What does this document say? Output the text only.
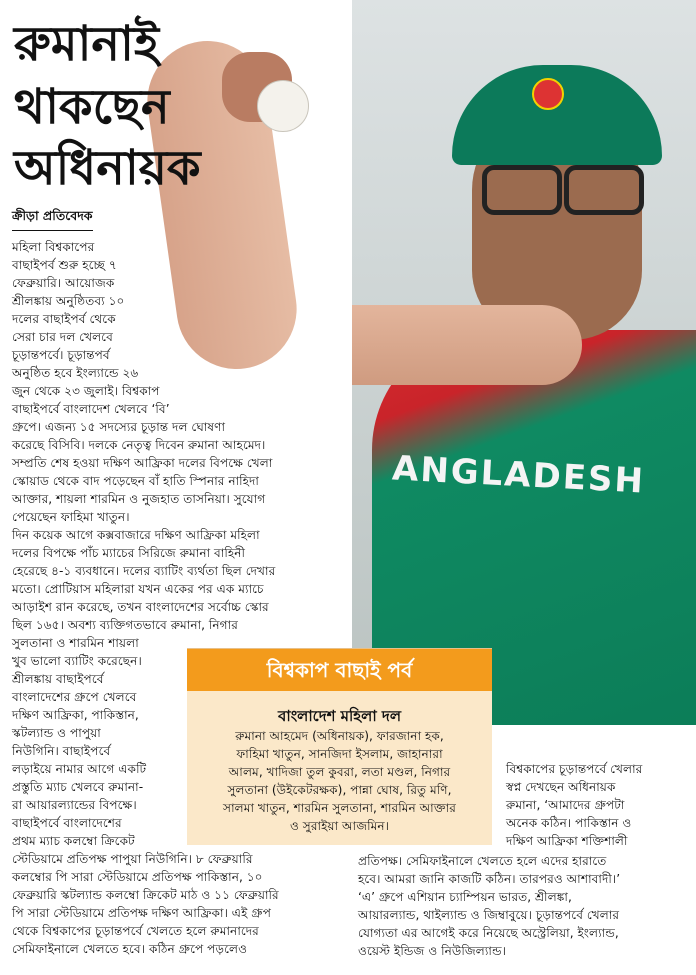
ANGLADESH
রুমানাই
থাকছেন
অধিনায়ক
ক্রীড়া প্রতিবেদক
মহিলা বিশ্বকাপের
বাছাইপর্ব শুরু হচ্ছে ৭
ফেব্রুয়ারি। আয়োজক
শ্রীলঙ্কায় অনুষ্ঠিতব্য ১০
দলের বাছাইপর্ব থেকে
সেরা চার দল খেলবে
চূড়ান্তপর্বে। চূড়ান্তপর্ব
অনুষ্ঠিত হবে ইংল্যান্ডে ২৬
জুন থেকে ২৩ জুলাই। বিশ্বকাপ
বাছাইপর্বে বাংলাদেশ খেলবে ‘বি’
গ্রুপে। এজন্য ১৫ সদস্যের চূড়ান্ত দল ঘোষণা
করেছে বিসিবি। দলকে নেতৃত্ব দিবেন রুমানা আহমেদ।
সম্প্রতি শেষ হওয়া দক্ষিণ আফ্রিকা দলের বিপক্ষে খেলা
স্কোয়াড থেকে বাদ পড়েছেন বাঁ হাতি স্পিনার নাহিদা
আক্তার, শায়লা শারমিন ও নুজহাত তাসনিয়া। সুযোগ
পেয়েছেন ফাহিমা খাতুন।
দিন কয়েক আগে কক্সবাজারে দক্ষিণ আফ্রিকা মহিলা
দলের বিপক্ষে পাঁচ ম্যাচের সিরিজে রুমানা বাহিনী
হেরেছে ৪-১ ব্যবধানে। দলের ব্যাটিং ব্যর্থতা ছিল দেখার
মতো। প্রোটিয়াস মহিলারা যখন একের পর এক ম্যাচে
আড়াইশ রান করেছে, তখন বাংলাদেশের সর্বোচ্চ স্কোর
ছিল ১৬৫। অবশ্য ব্যক্তিগতভাবে রুমানা, নিগার
সুলতানা ও শারমিন শায়লা
খুব ভালো ব্যাটিং করেছেন।
শ্রীলঙ্কায় বাছাইপর্বে
বাংলাদেশের গ্রুপে খেলবে
দক্ষিণ আফ্রিকা, পাকিস্তান,
স্কটল্যান্ড ও পাপুয়া
নিউগিনি। বাছাইপর্বে
লড়াইয়ে নামার আগে একটি
প্রস্তুতি ম্যাচ খেলবে রুমানা-
রা আয়ারল্যান্ডের বিপক্ষে।
বাছাইপর্বে বাংলাদেশের
প্রথম ম্যাচ কলম্বো ক্রিকেট
স্টেডিয়ামে প্রতিপক্ষ পাপুয়া নিউগিনি। ৮ ফেব্রুয়ারি
কলম্বোর পি সারা স্টেডিয়ামে প্রতিপক্ষ পাকিস্তান, ১০
ফেব্রুয়ারি স্কটল্যান্ড কলম্বো ক্রিকেট মাঠ ও ১১ ফেব্রুয়ারি
পি সারা স্টেডিয়ামে প্রতিপক্ষ দক্ষিণ আফ্রিকা। এই গ্রুপ
থেকে বিশ্বকাপের চূড়ান্তপর্বে খেলতে হলে রুমানাদের
সেমিফাইনালে খেলতে হবে। কঠিন গ্রুপে পড়লেও
বিশ্বকাপের চূড়ান্তপর্বে খেলার
স্বপ্ন দেখছেন অধিনায়ক
রুমানা, ‘আমাদের গ্রুপটা
অনেক কঠিন। পাকিস্তান ও
দক্ষিণ আফ্রিকা শক্তিশালী
প্রতিপক্ষ। সেমিফাইনালে খেলতে হলে এদের হারাতে
হবে। আমরা জানি কাজটি কঠিন। তারপরও আশাবাদী।’
‘এ’ গ্রুপে এশিয়ান চ্যাম্পিয়ন ভারত, শ্রীলঙ্কা,
আয়ারল্যান্ড, থাইল্যান্ড ও জিম্বাবুয়ে। চূড়ান্তপর্বে খেলার
যোগ্যতা এর আগেই করে নিয়েছে অস্ট্রেলিয়া, ইংল্যান্ড,
ওয়েস্ট ইন্ডিজ ও নিউজিল্যান্ড।
বিশ্বকাপ বাছাই পর্ব
বাংলাদেশ মহিলা দল
রুমানা আহমেদ (অধিনায়ক), ফারজানা হক,
ফাহিমা খাতুন, সানজিদা ইসলাম, জাহানারা
আলম, খাদিজা তুল কুবরা, লতা মণ্ডল, নিগার
সুলতানা (উইকেটরক্ষক), পান্না ঘোষ, রিতু মণি,
সালমা খাতুন, শারমিন সুলতানা, শারমিন আক্তার
ও সুরাইয়া আজমিন।
